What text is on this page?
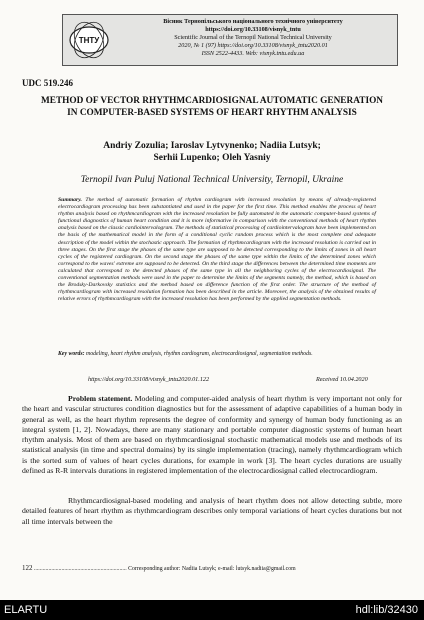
ТНТУ
Вісник Тернопільського національного технічного університету
https://doi.org/10.33108/visnyk_tntu
Scientific Journal of the Ternopil National Technical University
2020, № 1 (97) https://doi.org/10.33108/visnyk_tntu2020.01
ISSN 2522-4433. Web: visnyk.tntu.edu.ua
UDC 519.246
METHOD OF VECTOR RHYTHMCARDIOSIGNAL AUTOMATIC GENERATION IN COMPUTER-BASED SYSTEMS OF HEART RHYTHM ANALYSIS
Andriy Zozulia; Iaroslav Lytvynenko; Nadiia Lutsyk;
Serhii Lupenko; Oleh Yasniy
Ternopil Ivan Puluj National Technical University, Ternopil, Ukraine
Summary. The method of automatic formation of rhythm cardiogram with increased resolution by means of already-registered electrocardiogram processing has been substantiated and used in the paper for the first time. This method enables the process of heart rhythm analysis based on rhythmcardiogram with the increased resolution be fully automated in the automatic computer-based systems of functional diagnostics of human heart condition and it is more informative in comparison with the conventional methods of heart rhythm analysis based on the classic cardiointervalogram. The methods of statistical processing of cardiointervalogram have been implemented on the basis of the mathematical model in the form of a conditional cyclic random process which is the most complete and adequate description of the model within the stochastic approach. The formation of rhythmcardiogram with the increased resolution is carried out in three stages. On the first stage the phases of the same type are supposed to be detected corresponding to the limits of zones in all heart cycles of the registered cardiogram. On the second stage the phases of the same type within the limits of the determined zones which correspond to the waves' extreme are supposed to be detected. On the third stage the differences between the determined time moments are calculated that correspond to the detected phases of the same type in all the neighboring cycles of the electrocardiosignal. The conventional segmentation methods were used in the paper to determine the limits of the segments namely, the method, which is based on the Brodsky-Darkovsky statistics and the method based on difference function of the first order. The structure of the method of rhythmcardiogram with increased resolution formation has been described in the article. Moreover, the analysis of the obtained results of relative errors of rhythmcardiogram with the increased resolution has been performed by the applied segmentation methods.
Key words: modeling, heart rhythm analysis, rhythm cardiogram, electrocardiosignal, segmentation methods.
https://doi.org/10.33108/visnyk_tntu2020.01.122	Received 10.04.2020
Problem statement. Modeling and computer-aided analysis of heart rhythm is very important not only for the heart and vascular structures condition diagnostics but for the assessment of adaptive capabilities of a human body in general as well, as the heart rhythm represents the degree of conformity and synergy of human body functioning as an integral system [1, 2]. Nowadays, there are many stationary and portable computer diagnostic systems of human heart rhythm analysis. Most of them are based on rhythmcardiosignal stochastic mathematical models use and methods of its statistical analysis (in time and spectral domains) by its single implementation (tracing), namely rhythmcardiogram which is the sorted sum of values of heart cycles durations, for example in work [3]. The heart cycles durations are usually defined as R-R intervals durations in registered implementation of the electrocardiosignal called electrocardiogram.
Rhythmcardiosignal-based modeling and analysis of heart rhythm does not allow detecting subtle, more detailed features of heart rhythm as rhythmcardiogram describes only temporal variations of heart cycles durations but not all time intervals between the
122 ................................................................ Corresponding author: Nadiia Lutsyk; e-mail: lutsyk.nadiia@gmail.com
ELARTU	hdl:lib/32430
